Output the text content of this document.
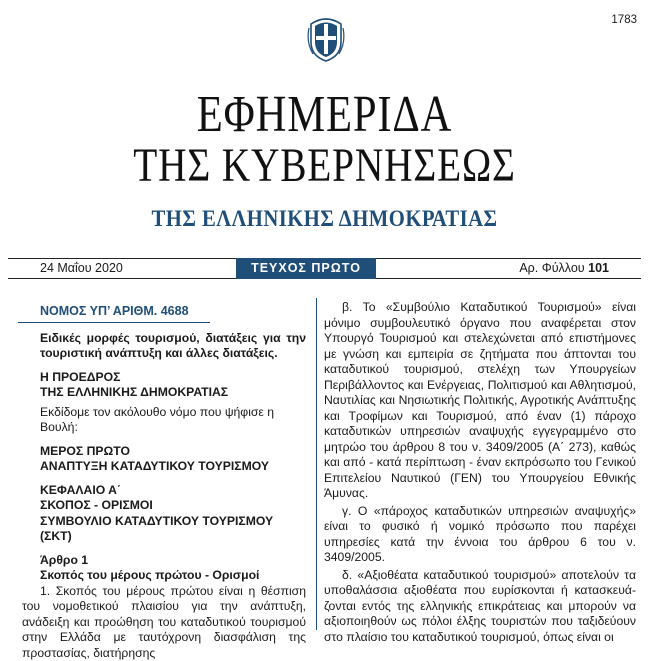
1783
ΕΦΗΜΕΡΙΔΑ
ΤΗΣ ΚΥΒΕΡΝΗΣΕΩΣ
ΤΗΣ ΕΛΛΗΝΙΚΗΣ ΔΗΜΟΚΡΑΤΙΑΣ
24 Μαΐου 2020	ΤΕΥΧΟΣ ΠΡΩΤΟ	Αρ. Φύλλου 101
ΝΟΜΟΣ ΥΠ’ ΑΡΙΘΜ. 4688
Ειδικές μορφές τουρισμού, διατάξεις για την τουριστική ανάπτυξη και άλλες διατάξεις.
Η ΠΡΟΕΔΡΟΣ
ΤΗΣ ΕΛΛΗΝΙΚΗΣ ΔΗΜΟΚΡΑΤΙΑΣ
Εκδίδομε τον ακόλουθο νόμο που ψήφισε η Βουλή:
ΜΕΡΟΣ ΠΡΩΤΟ
ΑΝΑΠΤΥΞΗ ΚΑΤΑΔΥΤΙΚΟΥ ΤΟΥΡΙΣΜΟΥ
ΚΕΦΑΛΑΙΟ Α΄
ΣΚΟΠΟΣ - ΟΡΙΣΜΟΙ
ΣΥΜΒΟΥΛΙΟ ΚΑΤΑΔΥΤΙΚΟΥ ΤΟΥΡΙΣΜΟΥ (ΣΚΤ)
Άρθρο 1
Σκοπός του μέρους πρώτου - Ορισμοί
1. Σκοπός του μέρους πρώτου είναι η θέσπιση του νομοθετικού πλαισίου για την ανάπτυξη, ανάδειξη και προώθηση του καταδυτικού τουρισμού στην Ελλάδα με ταυτόχρονη διασφάλιση της προστασίας, διατήρησης
β. Το «Συμβούλιο Καταδυτικού Τουρισμού» είναι μόνιμο συμβουλευτικό όργανο που αναφέρεται στον Υπουργό Τουρισμού και στελεχώνεται από επιστήμονες με γνώση και εμπειρία σε ζητήματα που άπτονται του καταδυτικού τουρισμού, στελέχη των Υπουργείων Περιβάλλοντος και Ενέργειας, Πολιτισμού και Αθλητισμού, Ναυτιλίας και Νησιωτικής Πολιτικής, Αγροτικής Ανάπτυξης και Τροφίμων και Τουρισμού, από έναν (1) πάροχο καταδυτικών υπηρεσιών αναψυχής εγγεγραμμένο στο μητρώο του άρθρου 8 του ν. 3409/2005 (Α΄ 273), καθώς και από - κατά περίπτωση - έναν εκπρόσωπο του Γενικού Επιτελείου Ναυτικού (ΓΕΝ) του Υπουργείου Εθνικής Άμυνας.
γ. Ο «πάροχος καταδυτικών υπηρεσιών αναψυχής» είναι το φυσικό ή νομικό πρόσωπο που παρέχει υπηρεσίες κατά την έννοια του άρθρου 6 του ν. 3409/2005.
δ. «Αξιοθέατα καταδυτικού τουρισμού» αποτελούν τα υποθαλάσσια αξιοθέατα που ευρίσκονται ή κατασκευάζονται εντός της ελληνικής επικράτειας και μπορούν να αξιοποιηθούν ως πόλοι έλξης τουριστών που ταξιδεύουν στο πλαίσιο του καταδυτικού τουρισμού, όπως είναι οι
